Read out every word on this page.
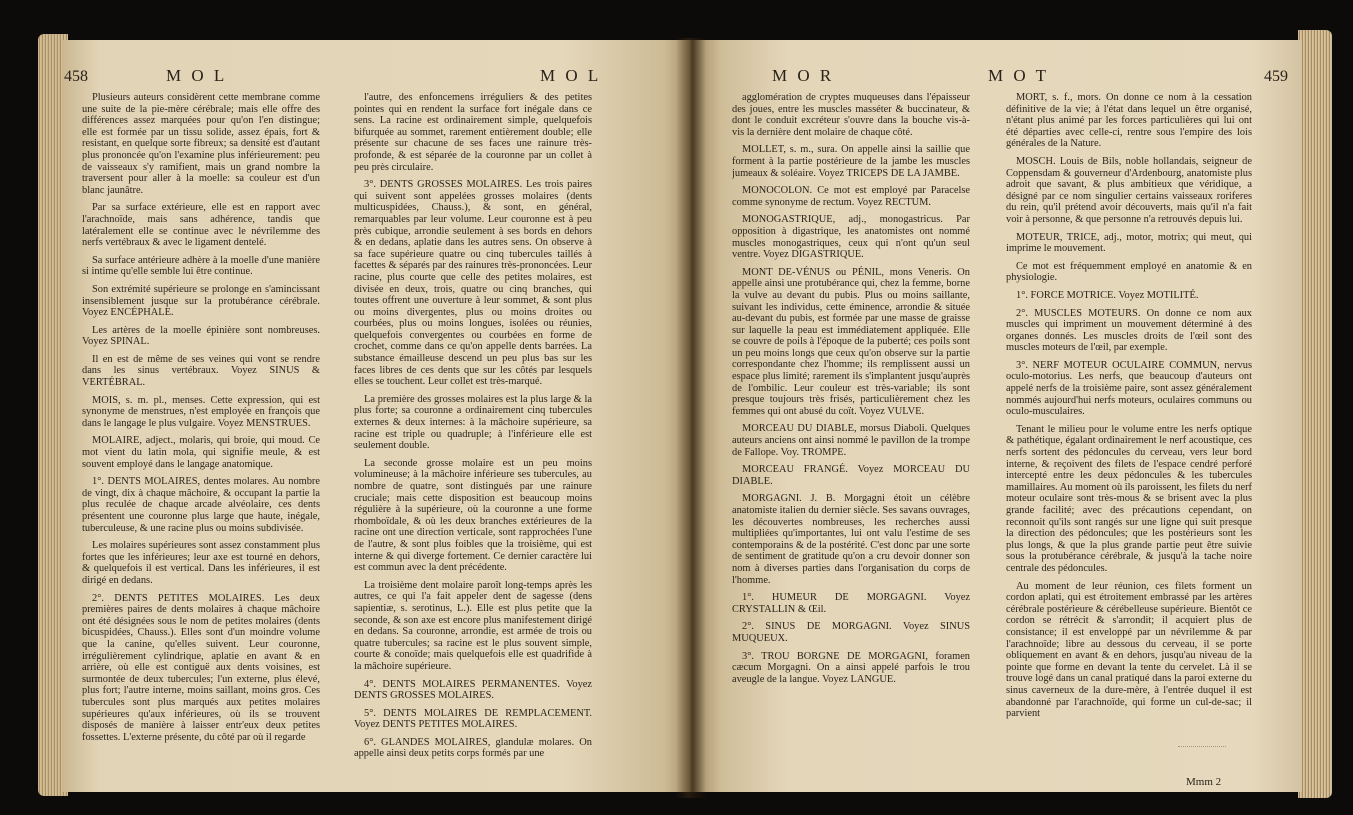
458	M O L	M O L

Plusieurs auteurs considèrent cette membrane comme une suite de la pie-mère cérébrale; mais elle offre des différences assez marquées pour qu'on l'en distingue; elle est formée par un tissu solide, assez épais, fort & resistant, en quelque sorte fibreux; sa densité est d'autant plus prononcée qu'on l'examine plus inférieurement: peu de vaisseaux s'y ramifient, mais un grand nombre la traversent pour aller à la moelle: sa couleur est d'un blanc jaunâtre.

Par sa surface extérieure, elle est en rapport avec l'arachnoïde, mais sans adhérence, tandis que latéralement elle se continue avec le névrilemme des nerfs vertébraux & avec le ligament dentelé.

Sa surface antérieure adhère à la moelle d'une manière si intime qu'elle semble lui être continue.

Son extrémité supérieure se prolonge en s'amincissant insensiblement jusque sur la protubérance cérébrale. Voyez ENCÉPHALE.

Les artères de la moelle épinière sont nombreuses. Voyez SPINAL.

Il en est de même de ses veines qui vont se rendre dans les sinus vertébraux. Voyez SINUS & VERTÉBRAL.

MOIS, s. m. pl., menses. Cette expression, qui est synonyme de menstrues, n'est employée en françois que dans le langage le plus vulgaire. Voyez MENSTRUES.

MOLAIRE, adject., molaris, qui broie, qui moud. Ce mot vient du latin mola, qui signifie meule, & est souvent employé dans le langage anatomique.

1°. DENTS MOLAIRES, dentes molares. Au nombre de vingt, dix à chaque mâchoire, & occupant la partie la plus reculée de chaque arcade alvéolaire, ces dents présentent une couronne plus large que haute, inégale, tuberculeuse, & une racine plus ou moins subdivisée.

Les molaires supérieures sont assez constamment plus fortes que les inférieures; leur axe est tourné en dehors, & quelquefois il est vertical. Dans les inférieures, il est dirigé en dedans.

2°. DENTS PETITES MOLAIRES. Les deux premières paires de dents molaires à chaque mâchoire ont été désignées sous le nom de petites molaires (dents bicuspidées, Chauss.). Elles sont d'un moindre volume que la canine, qu'elles suivent. Leur couronne, irrégulièrement cylindrique, aplatie en avant & en arrière, où elle est contiguë aux dents voisines, est surmontée de deux tubercules; l'un externe, plus élevé, plus fort; l'autre interne, moins saillant, moins gros. Ces tubercules sont plus marqués aux petites molaires supérieures qu'aux inférieures, où ils se trouvent disposés de manière à laisser entr'eux deux petites fossettes. L'externe présente, du côté par où il regarde

l'autre, des enfoncemens irréguliers & des petites pointes qui en rendent la surface fort inégale dans ce sens. La racine est ordinairement simple, quelquefois bifurquée au sommet, rarement entièrement double; elle présente sur chacune de ses faces une rainure très-profonde, & est séparée de la couronne par un collet à peu près circulaire.

3°. DENTS GROSSES MOLAIRES. Les trois paires qui suivent sont appelées grosses molaires (dents multicuspidées, Chauss.), & sont, en général, remarquables par leur volume. Leur couronne est à peu près cubique, arrondie seulement à ses bords en dehors & en dedans, aplatie dans les autres sens. On observe à sa face supérieure quatre ou cinq tubercules taillés à facettes & séparés par des rainures très-prononcées. Leur racine, plus courte que celle des petites molaires, est divisée en deux, trois, quatre ou cinq branches, qui toutes offrent une ouverture à leur sommet, & sont plus ou moins divergentes, plus ou moins droites ou courbées, plus ou moins longues, isolées ou réunies, quelquefois convergentes ou courbées en forme de crochet, comme dans ce qu'on appelle dents barrées. La substance émailleuse descend un peu plus bas sur les faces libres de ces dents que sur les côtés par lesquels elles se touchent. Leur collet est très-marqué.

La première des grosses molaires est la plus large & la plus forte; sa couronne a ordinairement cinq tubercules externes & deux internes: à la mâchoire supérieure, sa racine est triple ou quadruple; à l'inférieure elle est seulement double.

La seconde grosse molaire est un peu moins volumineuse; à la mâchoire inférieure ses tubercules, au nombre de quatre, sont distingués par une rainure cruciale; mais cette disposition est beaucoup moins régulière à la supérieure, où la couronne a une forme rhomboïdale, & où les deux branches extérieures de la racine ont une direction verticale, sont rapprochées l'une de l'autre, & sont plus foibles que la troisième, qui est interne & qui diverge fortement. Ce dernier caractère lui est commun avec la dent précédente.

La troisième dent molaire paroît long-temps après les autres, ce qui l'a fait appeler dent de sagesse (dens sapientiæ, s. serotinus, L.). Elle est plus petite que la seconde, & son axe est encore plus manifestement dirigé en dedans. Sa couronne, arrondie, est armée de trois ou quatre tubercules; sa racine est le plus souvent simple, courte & conoïde; mais quelquefois elle est quadrifide à la mâchoire supérieure.

4°. DENTS MOLAIRES PERMANENTES. Voyez DENTS GROSSES MOLAIRES.

5°. DENTS MOLAIRES DE REMPLACEMENT. Voyez DENTS PETITES MOLAIRES.

6°. GLANDES MOLAIRES, glandulæ molares. On appelle ainsi deux petits corps formés par une

M O R	M O T	459

agglomération de cryptes muqueuses dans l'épaisseur des joues, entre les muscles masséter & buccinateur, & dont le conduit excréteur s'ouvre dans la bouche vis-à-vis la dernière dent molaire de chaque côté.

MOLLET, s. m., sura. On appelle ainsi la saillie que forment à la partie postérieure de la jambe les muscles jumeaux & soléaire. Voyez TRICEPS DE LA JAMBE.

MONOCOLON. Ce mot est employé par Paracelse comme synonyme de rectum. Voyez RECTUM.

MONOGASTRIQUE, adj., monogastricus. Par opposition à digastrique, les anatomistes ont nommé muscles monogastriques, ceux qui n'ont qu'un seul ventre. Voyez DIGASTRIQUE.

MONT DE-VÉNUS ou PÉNIL, mons Veneris. On appelle ainsi une protubérance qui, chez la femme, borne la vulve au devant du pubis. Plus ou moins saillante, suivant les individus, cette éminence, arrondie & située au-devant du pubis, est formée par une masse de graisse sur laquelle la peau est immédiatement appliquée. Elle se couvre de poils à l'époque de la puberté; ces poils sont un peu moins longs que ceux qu'on observe sur la partie correspondante chez l'homme; ils remplissent aussi un espace plus limité; rarement ils s'implantent jusqu'auprès de l'ombilic. Leur couleur est très-variable; ils sont presque toujours très frisés, particulièrement chez les femmes qui ont abusé du coït. Voyez VULVE.

MORCEAU DU DIABLE, morsus Diaboli. Quelques auteurs anciens ont ainsi nommé le pavillon de la trompe de Fallope. Voy. TROMPE.

MORCEAU FRANGÉ. Voyez MORCEAU DU DIABLE.

MORGAGNI. J. B. Morgagni étoit un célèbre anatomiste italien du dernier siècle. Ses savans ouvrages, les découvertes nombreuses, les recherches aussi multipliées qu'importantes, lui ont valu l'estime de ses contemporains & de la postérité. C'est donc par une sorte de sentiment de gratitude qu'on a cru devoir donner son nom à diverses parties dans l'organisation du corps de l'homme.

1°. HUMEUR DE MORGAGNI. Voyez CRYSTALLIN & Œil.

2°. SINUS DE MORGAGNI. Voyez SINUS MUQUEUX.

3°. TROU BORGNE DE MORGAGNI, foramen cæcum Morgagni. On a ainsi appelé parfois le trou aveugle de la langue. Voyez LANGUE.

MORT, s. f., mors. On donne ce nom à la cessation définitive de la vie; à l'état dans lequel un être organisé, n'étant plus animé par les forces particulières qui lui ont été départies avec celle-ci, rentre sous l'empire des lois générales de la Nature.

MOSCH. Louis de Bils, noble hollandais, seigneur de Coppensdam & gouverneur d'Ardenbourg, anatomiste plus adroit que savant, & plus ambitieux que véridique, a désigné par ce nom singulier certains vaisseaux roriferes du rein, qu'il prétend avoir découverts, mais qu'il n'a fait voir à personne, & que personne n'a retrouvés depuis lui.

MOTEUR, TRICE, adj., motor, motrix; qui meut, qui imprime le mouvement.

Ce mot est fréquemment employé en anatomie & en physiologie.

1°. FORCE MOTRICE. Voyez MOTILITÉ.

2°. MUSCLES MOTEURS. On donne ce nom aux muscles qui impriment un mouvement déterminé à des organes donnés. Les muscles droits de l'œil sont des muscles moteurs de l'œil, par exemple.

3°. NERF MOTEUR OCULAIRE COMMUN, nervus oculo-motorius. Les nerfs, que beaucoup d'auteurs ont appelé nerfs de la troisième paire, sont assez généralement nommés aujourd'hui nerfs moteurs, oculaires communs ou oculo-musculaires.

Tenant le milieu pour le volume entre les nerfs optique & pathétique, égalant ordinairement le nerf acoustique, ces nerfs sortent des pédoncules du cerveau, vers leur bord interne, & reçoivent des filets de l'espace cendré perforé intercepté entre les deux pédoncules & les tubercules mamillaires. Au moment où ils paroissent, les filets du nerf moteur oculaire sont très-mous & se brisent avec la plus grande facilité; avec des précautions cependant, on reconnoit qu'ils sont rangés sur une ligne qui suit presque la direction des pédoncules; que les postérieurs sont les plus longs, & que la plus grande partie peut être suivie sous la protubérance cérébrale, & jusqu'à la tache noire centrale des pédoncules.

Au moment de leur réunion, ces filets forment un cordon aplati, qui est étroitement embrassé par les artères cérébrale postérieure & cérébelleuse supérieure. Bientôt ce cordon se rétrécit & s'arrondit; il acquiert plus de consistance; il est enveloppé par un névrilemme & par l'arachnoïde; libre au dessous du cerveau, il se porte obliquement en avant & en dehors, jusqu'au niveau de la pointe que forme en devant la tente du cervelet. Là il se trouve logé dans un canal pratiqué dans la paroi externe du sinus caverneux de la dure-mère, à l'entrée duquel il est abandonné par l'arachnoïde, qui forme un cul-de-sac; il parvient

Mmm 2
